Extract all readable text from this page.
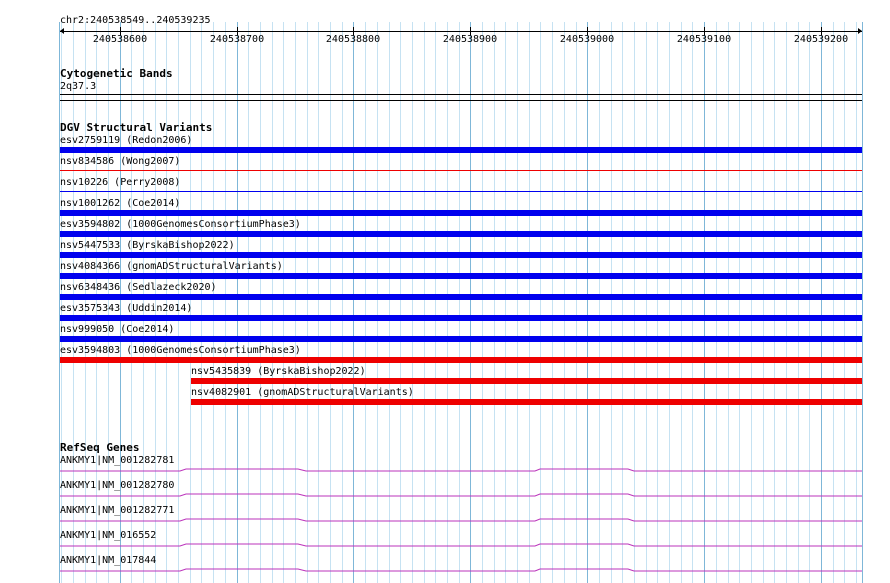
chr2:240538549..240539235
240538600	240538700	240538800	240538900	240539000	240539100	240539200
Cytogenetic Bands
2q37.3
DGV Structural Variants
esv2759119 (Redon2006)
nsv834586 (Wong2007)
nsv10226 (Perry2008)
nsv1001262 (Coe2014)
esv3594802 (1000GenomesConsortiumPhase3)
nsv5447533 (ByrskaBishop2022)
nsv4084366 (gnomADStructuralVariants)
nsv6348436 (Sedlazeck2020)
esv3575343 (Uddin2014)
nsv999050 (Coe2014)
esv3594803 (1000GenomesConsortiumPhase3)
nsv5435839 (ByrskaBishop2022)
nsv4082901 (gnomADStructuralVariants)
RefSeq Genes
ANKMY1|NM_001282781
ANKMY1|NM_001282780
ANKMY1|NM_001282771
ANKMY1|NM_016552
ANKMY1|NM_017844
